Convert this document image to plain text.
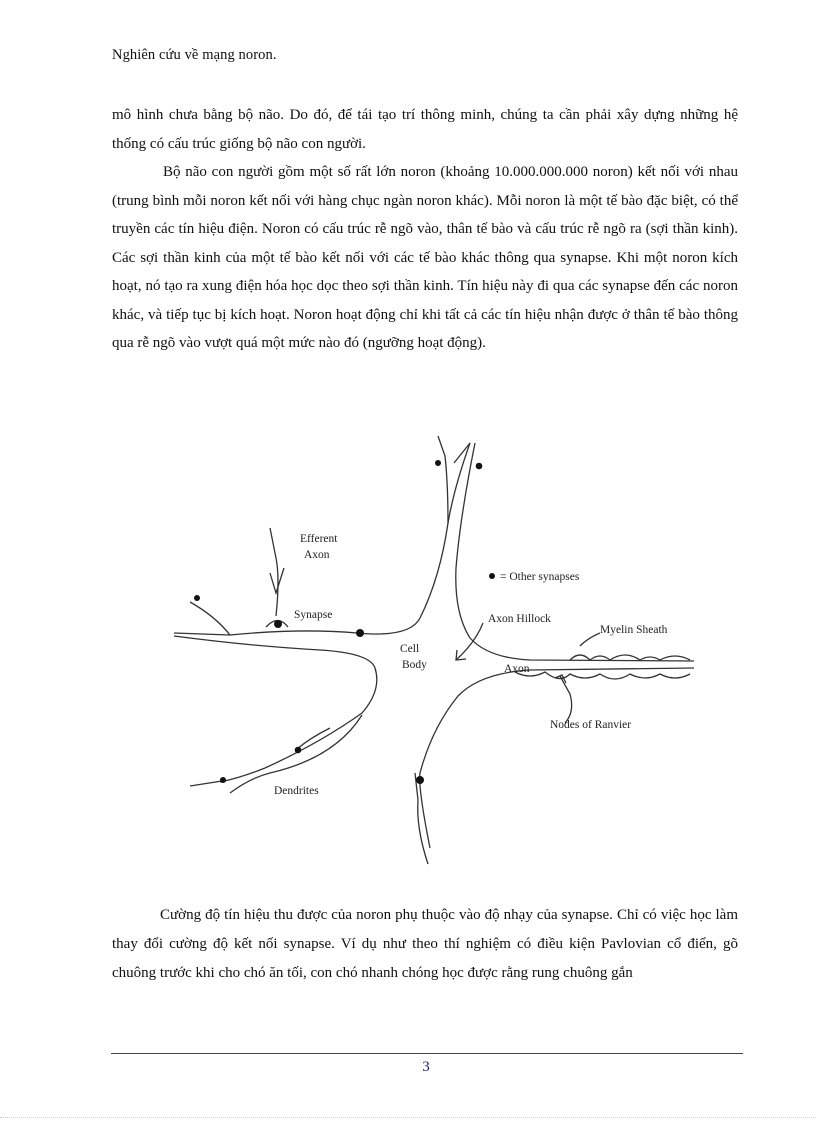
Nghiên cứu về mạng noron.
mô hình chưa bằng bộ não. Do đó, để tái tạo trí thông minh, chúng ta cần phải xây dựng những hệ thống có cấu trúc giống bộ não con người.
Bộ não con người gồm một số rất lớn noron (khoảng 10.000.000.000 noron) kết nối với nhau (trung bình mỗi noron kết nối với hàng chục ngàn noron khác). Mỗi noron là một tế bào đặc biệt, có thể truyền các tín hiệu điện. Noron có cấu trúc rễ ngõ vào, thân tế bào và cấu trúc rễ ngõ ra (sợi thần kinh). Các sợi thần kinh của một tế bào kết nối với các tế bào khác thông qua synapse. Khi một noron kích hoạt, nó tạo ra xung điện hóa học dọc theo sợi thần kinh. Tín hiệu này đi qua các synapse đến các noron khác, và tiếp tục bị kích hoạt. Noron hoạt động chỉ khi tất cả các tín hiệu nhận được ở thân tế bào thông qua rễ ngõ vào vượt quá một mức nào đó (ngưỡng hoạt động).
Efferent
Axon
Synapse
Cell
Body
= Other synapses
Axon Hillock
Myelin Sheath
Axon
Nodes of Ranvier
Dendrites
Cường độ tín hiệu thu được của noron phụ thuộc vào độ nhạy của synapse. Chỉ có việc học làm thay đổi cường độ kết nối synapse. Ví dụ như theo thí nghiệm có điều kiện Pavlovian cổ điển, gõ chuông trước khi cho chó ăn tối, con chó nhanh chóng học được rằng rung chuông gắn
3
